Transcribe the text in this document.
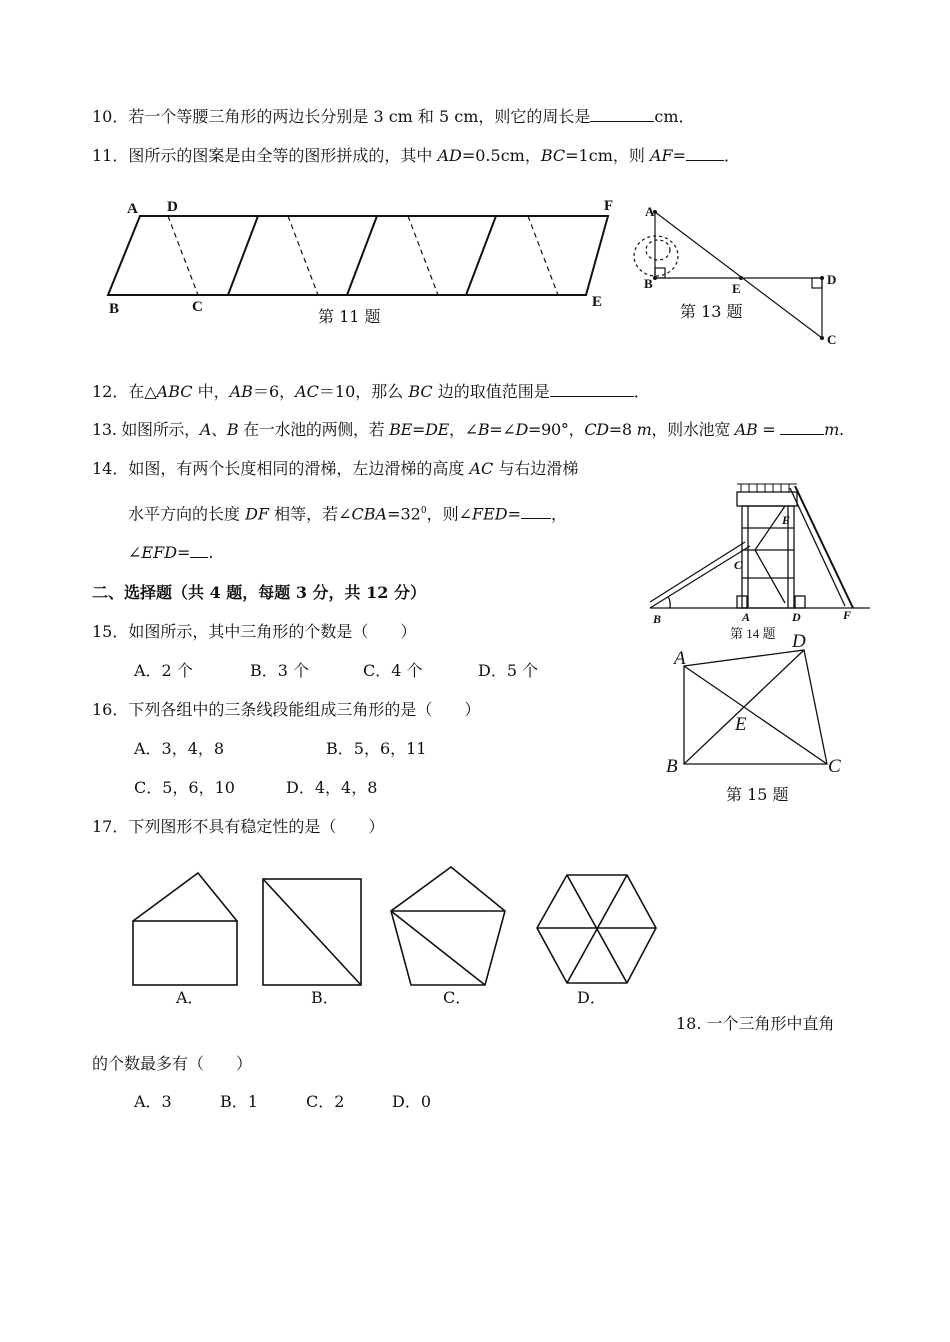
10．若一个等腰三角形的两边长分别是 3 cm 和 5 cm，则它的周长是	cm．
11．图所示的图案是由全等的图形拼成的，其中 AD=0.5cm，BC=1cm，则 AF= ．
A D	F
B	C	E
第 11 题
A
B	E
D
C
第 13 题
12．在△ABC 中，AB＝6，AC＝10，那么 BC 边的取值范围是	．
13. 如图所示，A、B 在一水池的两侧，若 BE=DE，∠B=∠D=90°，CD=8 m，则水池宽 AB =	m.
14．如图，有两个长度相同的滑梯，左边滑梯的高度 AC 与右边滑梯
水平方向的长度 DF 相等，若$\angle CBA=32^0$，则∠FED= ，
∠EFD= .
E
C
B	A	D	F
第 14 题
二、选择题（共 4 题，每题 3 分，共 12 分）
15．如图所示，其中三角形的个数是（　　）
A．2 个	B．3 个	C．4 个	D．5 个
A
D
E
B	C
第 15 题
16．下列各组中的三条线段能组成三角形的是（　　）
A．3，4，8	B．5，6，11
C．5，6，10	D．4，4，8
17．下列图形不具有稳定性的是（　　）
A．	B．	C．	D．
18. 一个三角形中直角
的个数最多有（　　）
A．3	B．1	C．2	D．0
